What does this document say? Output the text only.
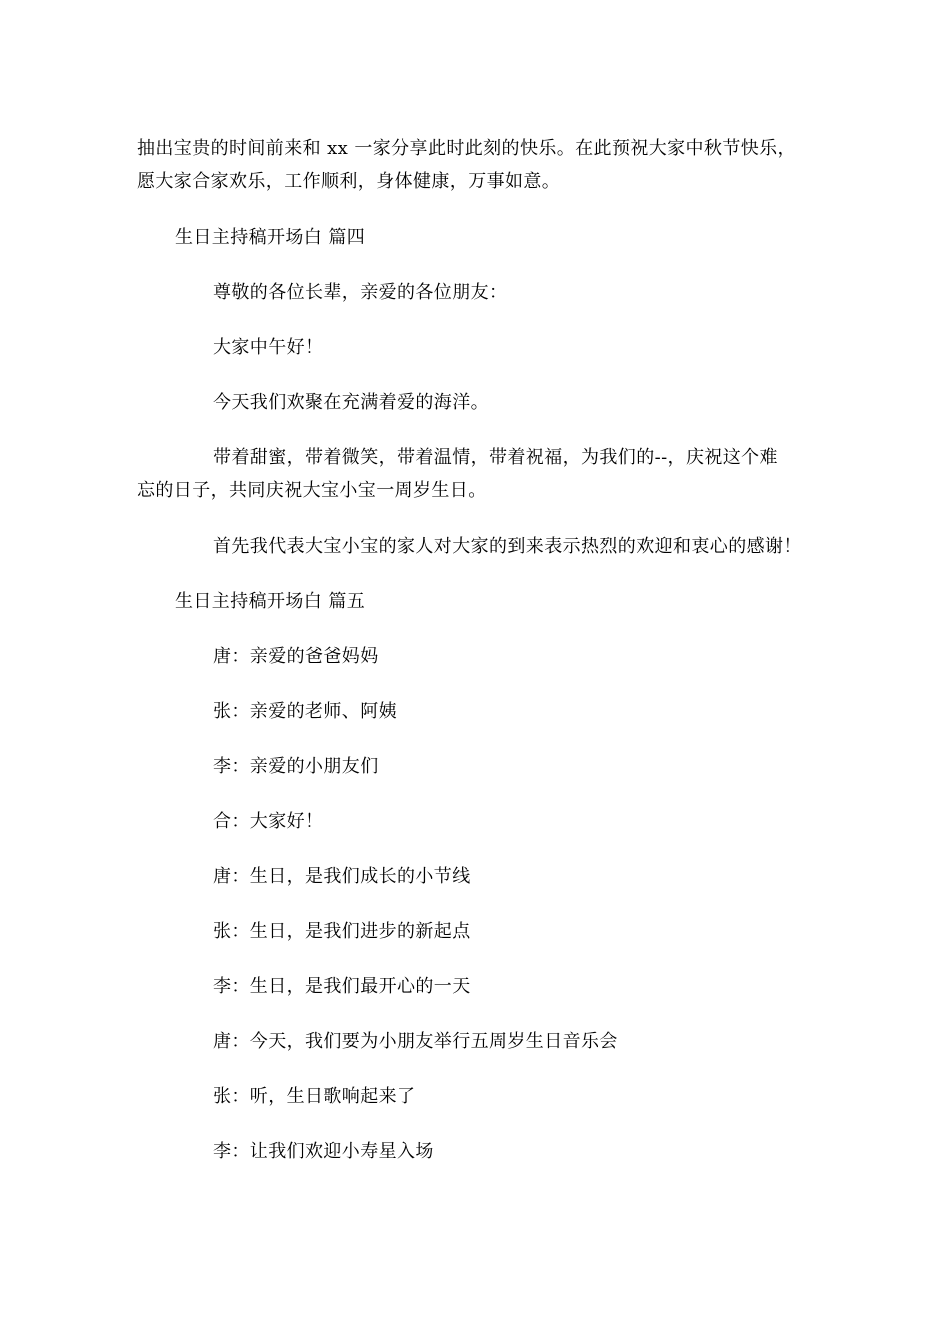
抽出宝贵的时间前来和 xx 一家分享此时此刻的快乐。在此预祝大家中秋节快乐，
愿大家合家欢乐，工作顺利，身体健康，万事如意。
生日主持稿开场白 篇四
尊敬的各位长辈，亲爱的各位朋友：
大家中午好！
今天我们欢聚在充满着爱的海洋。
带着甜蜜，带着微笑，带着温情，带着祝福，为我们的--，庆祝这个难
忘的日子，共同庆祝大宝小宝一周岁生日。
首先我代表大宝小宝的家人对大家的到来表示热烈的欢迎和衷心的感谢！
生日主持稿开场白 篇五
唐：亲爱的爸爸妈妈
张：亲爱的老师、阿姨
李：亲爱的小朋友们
合：大家好！
唐：生日，是我们成长的小节线
张：生日，是我们进步的新起点
李：生日，是我们最开心的一天
唐：今天，我们要为小朋友举行五周岁生日音乐会
张：听，生日歌响起来了
李：让我们欢迎小寿星入场
